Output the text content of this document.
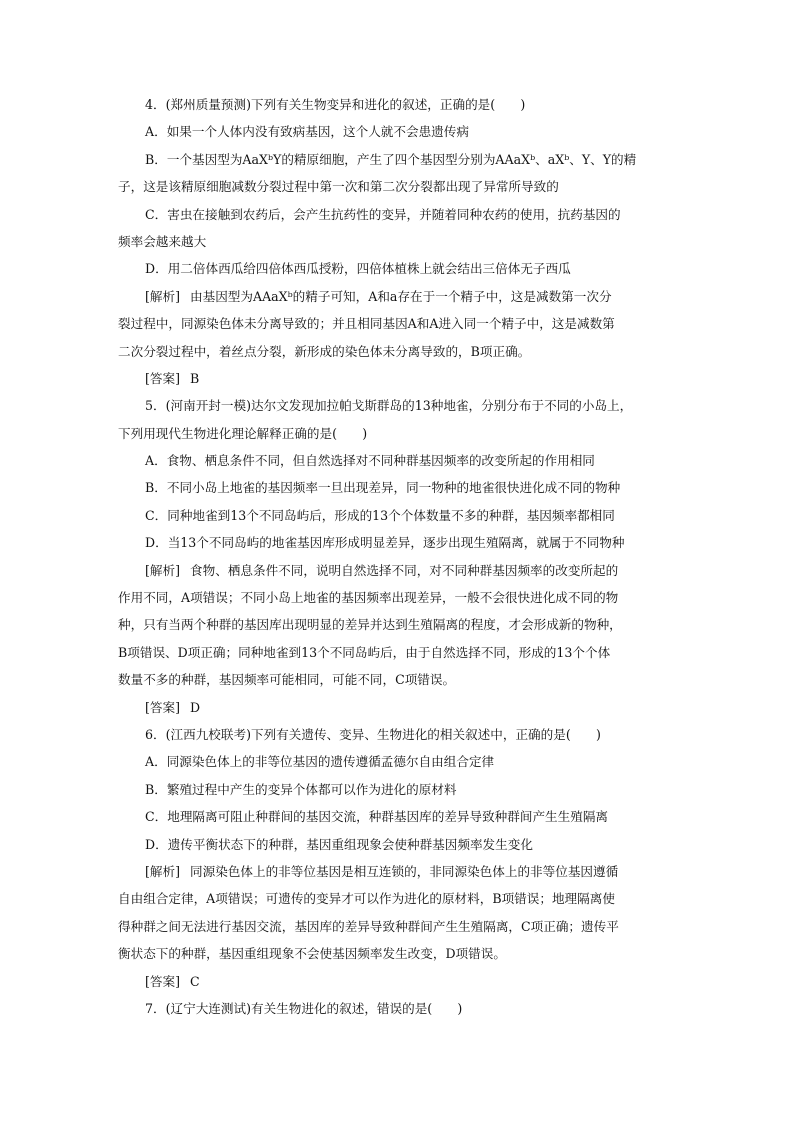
4．(郑州质量预测)下列有关生物变异和进化的叙述，正确的是(　　)
A．如果一个人体内没有致病基因，这个人就不会患遗传病
B．一个基因型为AaXᵇY的精原细胞，产生了四个基因型分别为AAaXᵇ、aXᵇ、Y、Y的精
子，这是该精原细胞减数分裂过程中第一次和第二次分裂都出现了异常所导致的
C．害虫在接触到农药后，会产生抗药性的变异，并随着同种农药的使用，抗药基因的
频率会越来越大
D．用二倍体西瓜给四倍体西瓜授粉，四倍体植株上就会结出三倍体无子西瓜
[解析] 由基因型为AAaXᵇ的精子可知，A和a存在于一个精子中，这是减数第一次分
裂过程中，同源染色体未分离导致的；并且相同基因A和A进入同一个精子中，这是减数第
二次分裂过程中，着丝点分裂，新形成的染色体未分离导致的，B项正确。
[答案] B
5．(河南开封一模)达尔文发现加拉帕戈斯群岛的13种地雀，分别分布于不同的小岛上，
下列用现代生物进化理论解释正确的是(　　)
A．食物、栖息条件不同，但自然选择对不同种群基因频率的改变所起的作用相同
B．不同小岛上地雀的基因频率一旦出现差异，同一物种的地雀很快进化成不同的物种
C．同种地雀到13个不同岛屿后，形成的13个个体数量不多的种群，基因频率都相同
D．当13个不同岛屿的地雀基因库形成明显差异，逐步出现生殖隔离，就属于不同物种
[解析] 食物、栖息条件不同，说明自然选择不同，对不同种群基因频率的改变所起的
作用不同，A项错误；不同小岛上地雀的基因频率出现差异，一般不会很快进化成不同的物
种，只有当两个种群的基因库出现明显的差异并达到生殖隔离的程度，才会形成新的物种，
B项错误、D项正确；同种地雀到13个不同岛屿后，由于自然选择不同，形成的13个个体
数量不多的种群，基因频率可能相同，可能不同，C项错误。
[答案] D
6．(江西九校联考)下列有关遗传、变异、生物进化的相关叙述中，正确的是(　　)
A．同源染色体上的非等位基因的遗传遵循孟德尔自由组合定律
B．繁殖过程中产生的变异个体都可以作为进化的原材料
C．地理隔离可阻止种群间的基因交流，种群基因库的差异导致种群间产生生殖隔离
D．遗传平衡状态下的种群，基因重组现象会使种群基因频率发生变化
[解析] 同源染色体上的非等位基因是相互连锁的，非同源染色体上的非等位基因遵循
自由组合定律，A项错误；可遗传的变异才可以作为进化的原材料，B项错误；地理隔离使
得种群之间无法进行基因交流，基因库的差异导致种群间产生生殖隔离，C项正确；遗传平
衡状态下的种群，基因重组现象不会使基因频率发生改变，D项错误。
[答案] C
7．(辽宁大连测试)有关生物进化的叙述，错误的是(　　)
